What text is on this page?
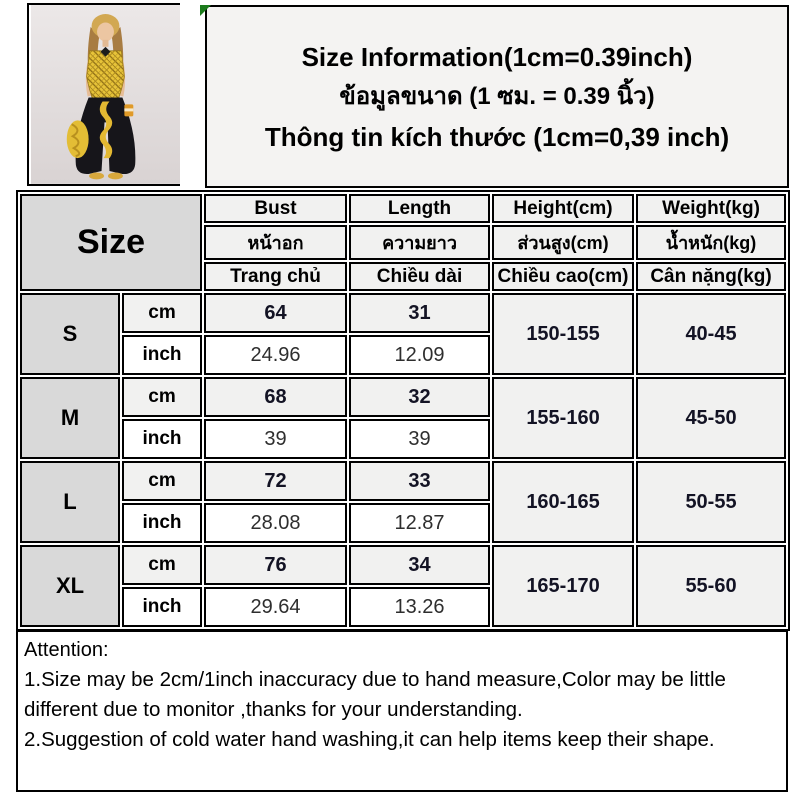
Size Information(1cm=0.39inch)
ข้อมูลขนาด (1 ซม. = 0.39 นิ้ว)
Thông tin kích thước (1cm=0,39 inch)
Size		Bust	Length	Height(cm)	Weight(kg)
		หน้าอก	ความยาว	ส่วนสูง(cm)	น้ำหนัก(kg)
		Trang chủ	Chiều dài	Chiều cao(cm)	Cân nặng(kg)
S	cm	64	31	150-155	40-45
	inch	24.96	12.09		
M	cm	68	32	155-160	45-50
	inch	39	39		
L	cm	72	33	160-165	50-55
	inch	28.08	12.87		
XL	cm	76	34	165-170	55-60
	inch	29.64	13.26		
Attention:
1.Size may be 2cm/1inch inaccuracy due to hand measure,Color may be little different due to monitor ,thanks for your understanding.
2.Suggestion of cold water hand washing,it can help items keep their shape.
